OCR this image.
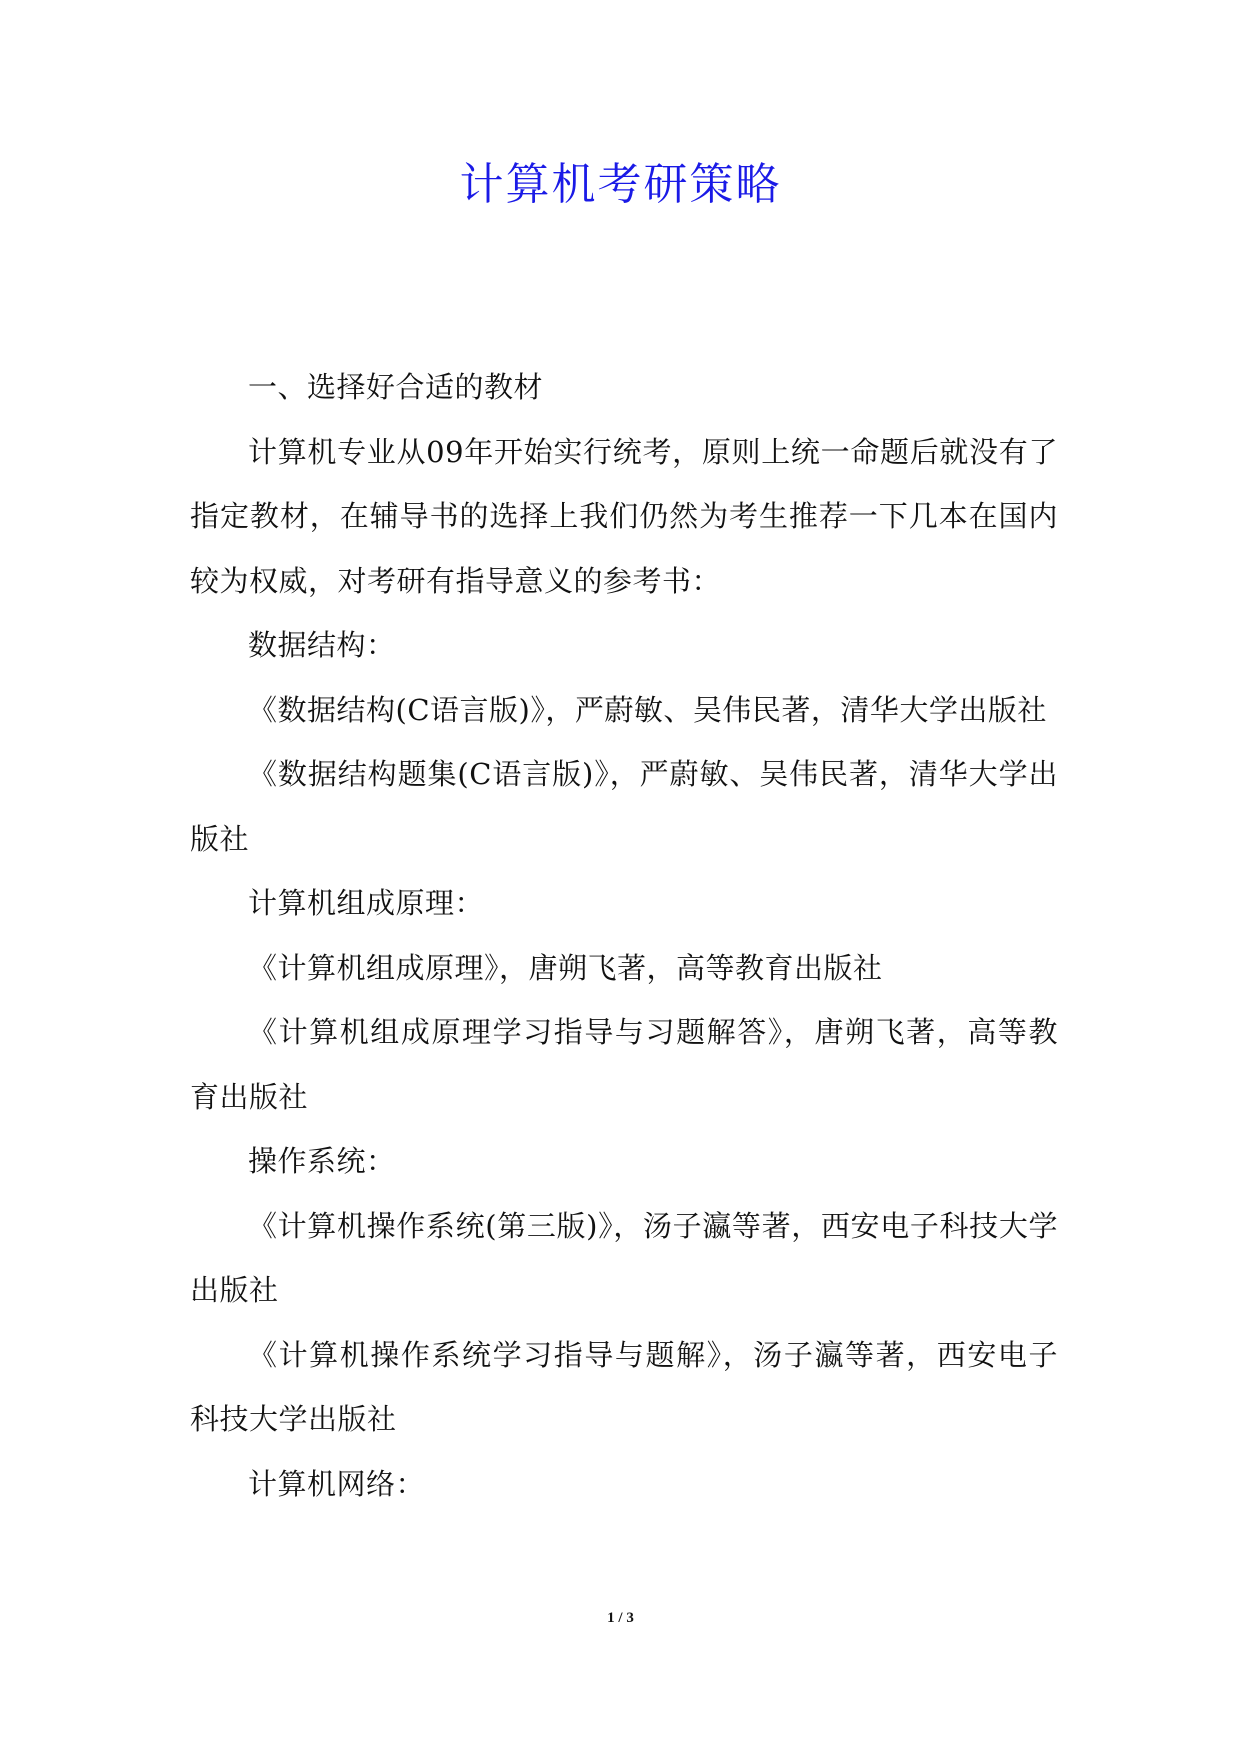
计算机考研策略

一、选择好合适的教材

计算机专业从09年开始实行统考，原则上统一命题后就没有了指定教材，在辅导书的选择上我们仍然为考生推荐一下几本在国内较为权威，对考研有指导意义的参考书：

数据结构：

《数据结构(C语言版)》，严蔚敏、吴伟民著，清华大学出版社

《数据结构题集(C语言版)》，严蔚敏、吴伟民著，清华大学出版社

计算机组成原理：

《计算机组成原理》，唐朔飞著，高等教育出版社

《计算机组成原理学习指导与习题解答》，唐朔飞著，高等教育出版社

操作系统：

《计算机操作系统(第三版)》，汤子瀛等著，西安电子科技大学出版社

《计算机操作系统学习指导与题解》，汤子瀛等著，西安电子科技大学出版社

计算机网络：

1 / 3
